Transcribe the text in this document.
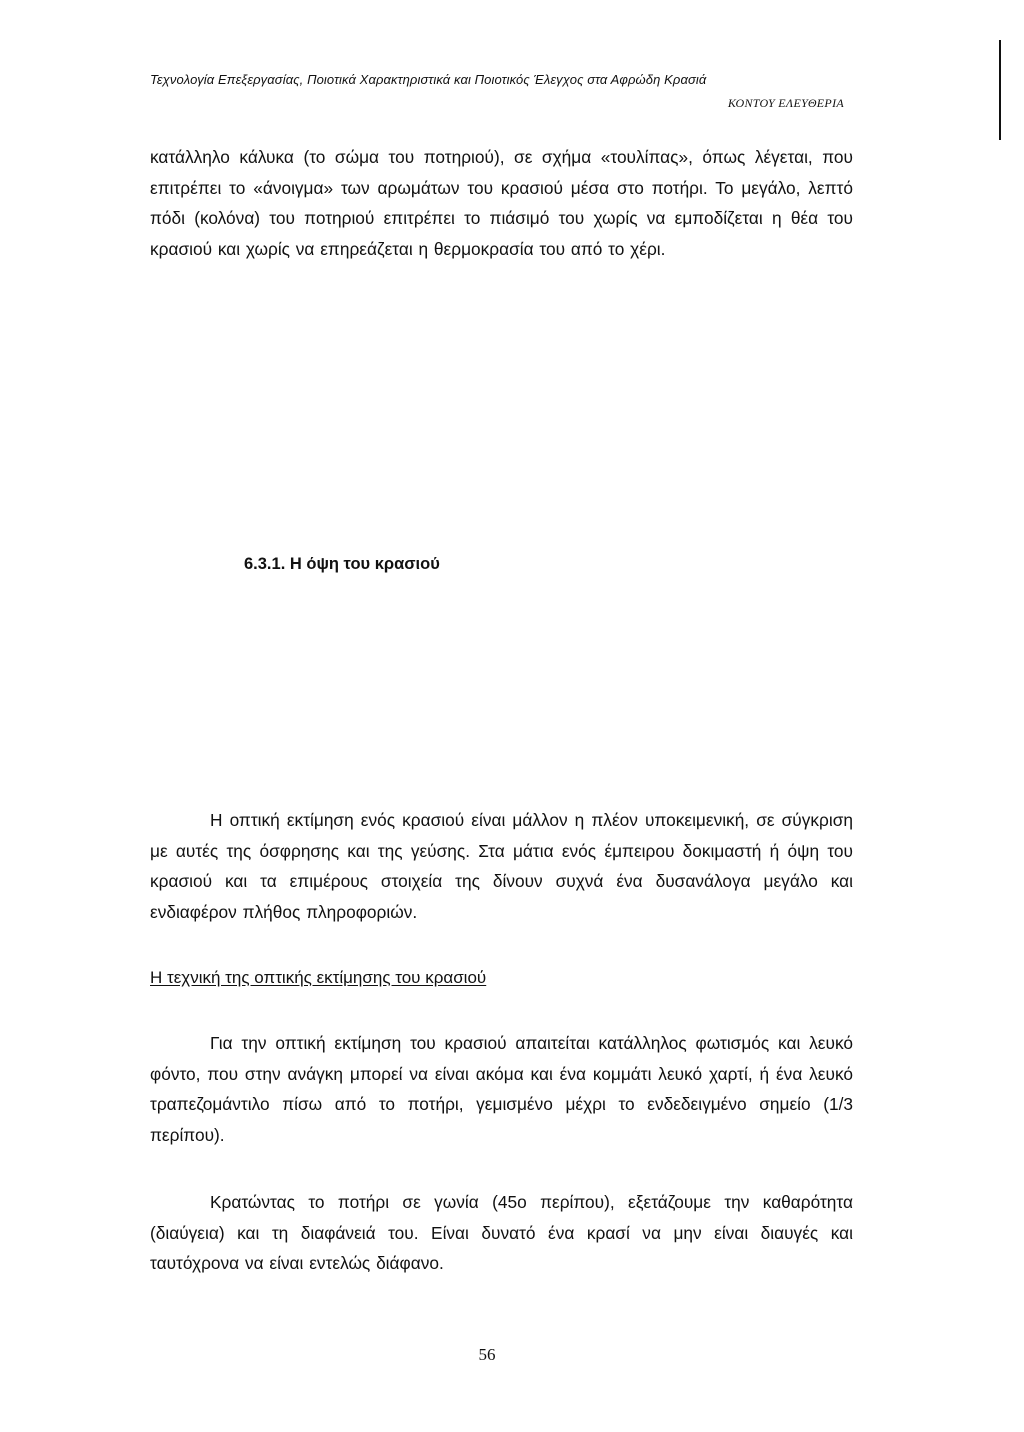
Τεχνολογία Επεξεργασίας, Ποιοτικά Χαρακτηριστικά και Ποιοτικός Έλεγχος στα Αφρώδη Κρασιά
ΚΟΝΤΟΥ ΕΛΕΥΘΕΡΙΑ

κατάλληλο κάλυκα (το σώμα του ποτηριού), σε σχήμα «τουλίπας», όπως λέγεται, που επιτρέπει το «άνοιγμα» των αρωμάτων του κρασιού μέσα στο ποτήρι. Το μεγάλο, λεπτό πόδι (κολόνα) του ποτηριού επιτρέπει το πιάσιμό του χωρίς να εμποδίζεται η θέα του κρασιού και χωρίς να επηρεάζεται η θερμοκρασία του από το χέρι.

6.3.1. Η όψη του κρασιού

Η οπτική εκτίμηση ενός κρασιού είναι μάλλον η πλέον υποκειμενική, σε σύγκριση με αυτές της όσφρησης και της γεύσης. Στα μάτια ενός έμπειρου δοκιμαστή ή όψη του κρασιού και τα επιμέρους στοιχεία της δίνουν συχνά ένα δυσανάλογα μεγάλο και ενδιαφέρον πλήθος πληροφοριών.

Η τεχνική της οπτικής εκτίμησης του κρασιού

Για την οπτική εκτίμηση του κρασιού απαιτείται κατάλληλος φωτισμός και λευκό φόντο, που στην ανάγκη μπορεί να είναι ακόμα και ένα κομμάτι λευκό χαρτί, ή ένα λευκό τραπεζομάντιλο πίσω από το ποτήρι, γεμισμένο μέχρι το ενδεδειγμένο σημείο (1/3 περίπου).

Κρατώντας το ποτήρι σε γωνία (45ο περίπου), εξετάζουμε την καθαρότητα (διαύγεια) και τη διαφάνειά του. Είναι δυνατό ένα κρασί να μην είναι διαυγές και ταυτόχρονα να είναι εντελώς διάφανο.

56
